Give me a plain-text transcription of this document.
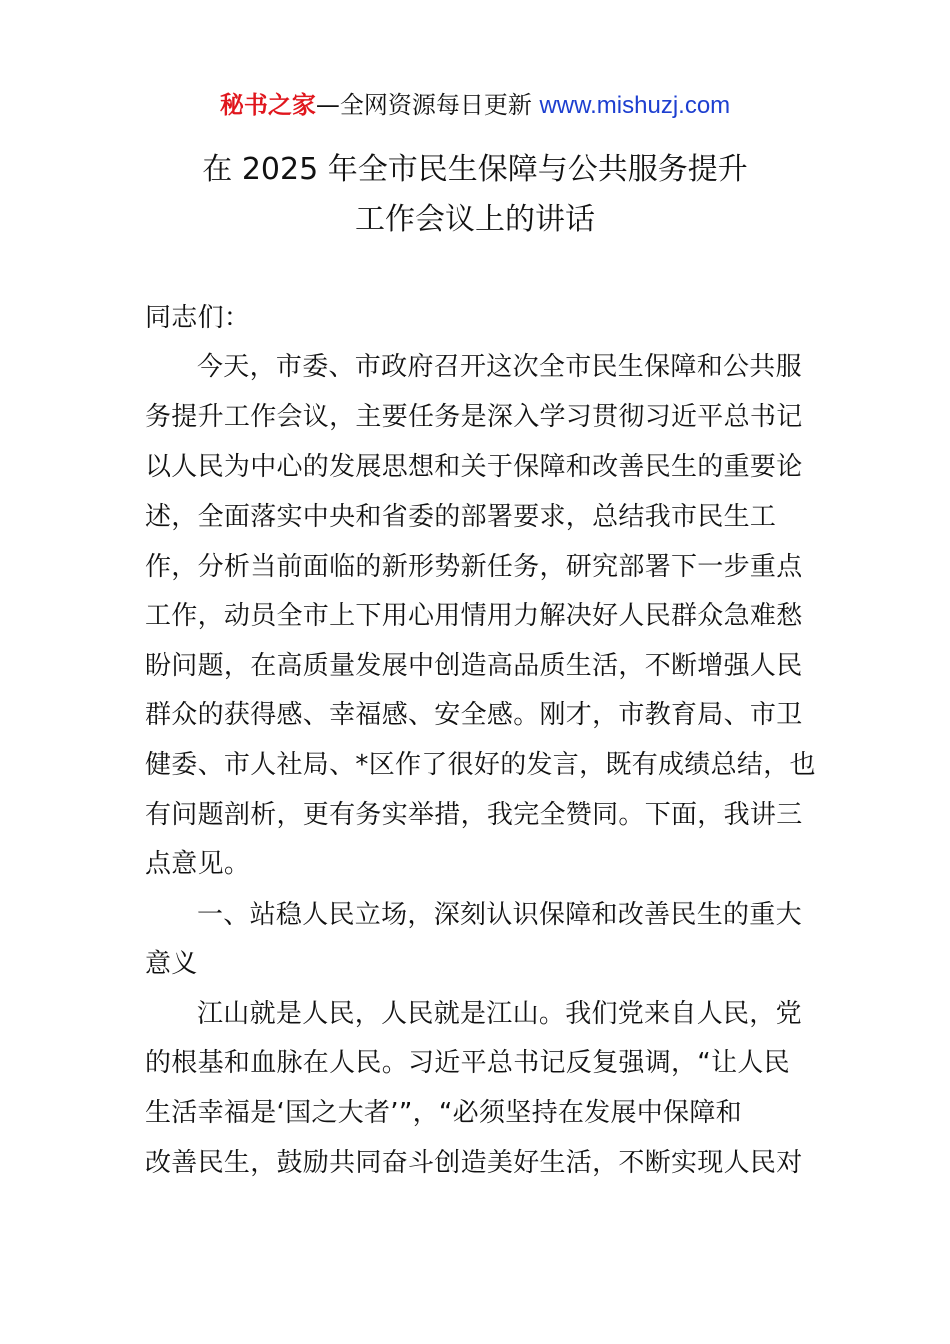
秘书之家—全网资源每日更新 www.mishuzj.com
在 2025 年全市民生保障与公共服务提升
工作会议上的讲话
同志们：
今天，市委、市政府召开这次全市民生保障和公共服
务提升工作会议，主要任务是深入学习贯彻习近平总书记
以人民为中心的发展思想和关于保障和改善民生的重要论
述，全面落实中央和省委的部署要求，总结我市民生工
作，分析当前面临的新形势新任务，研究部署下一步重点
工作，动员全市上下用心用情用力解决好人民群众急难愁
盼问题，在高质量发展中创造高品质生活，不断增强人民
群众的获得感、幸福感、安全感。刚才，市教育局、市卫
健委、市人社局、*区作了很好的发言，既有成绩总结，也
有问题剖析，更有务实举措，我完全赞同。下面，我讲三
点意见。
一、站稳人民立场，深刻认识保障和改善民生的重大
意义
江山就是人民，人民就是江山。我们党来自人民，党
的根基和血脉在人民。习近平总书记反复强调，“让人民
生活幸福是‘国之大者’”，“必须坚持在发展中保障和
改善民生，鼓励共同奋斗创造美好生活，不断实现人民对
